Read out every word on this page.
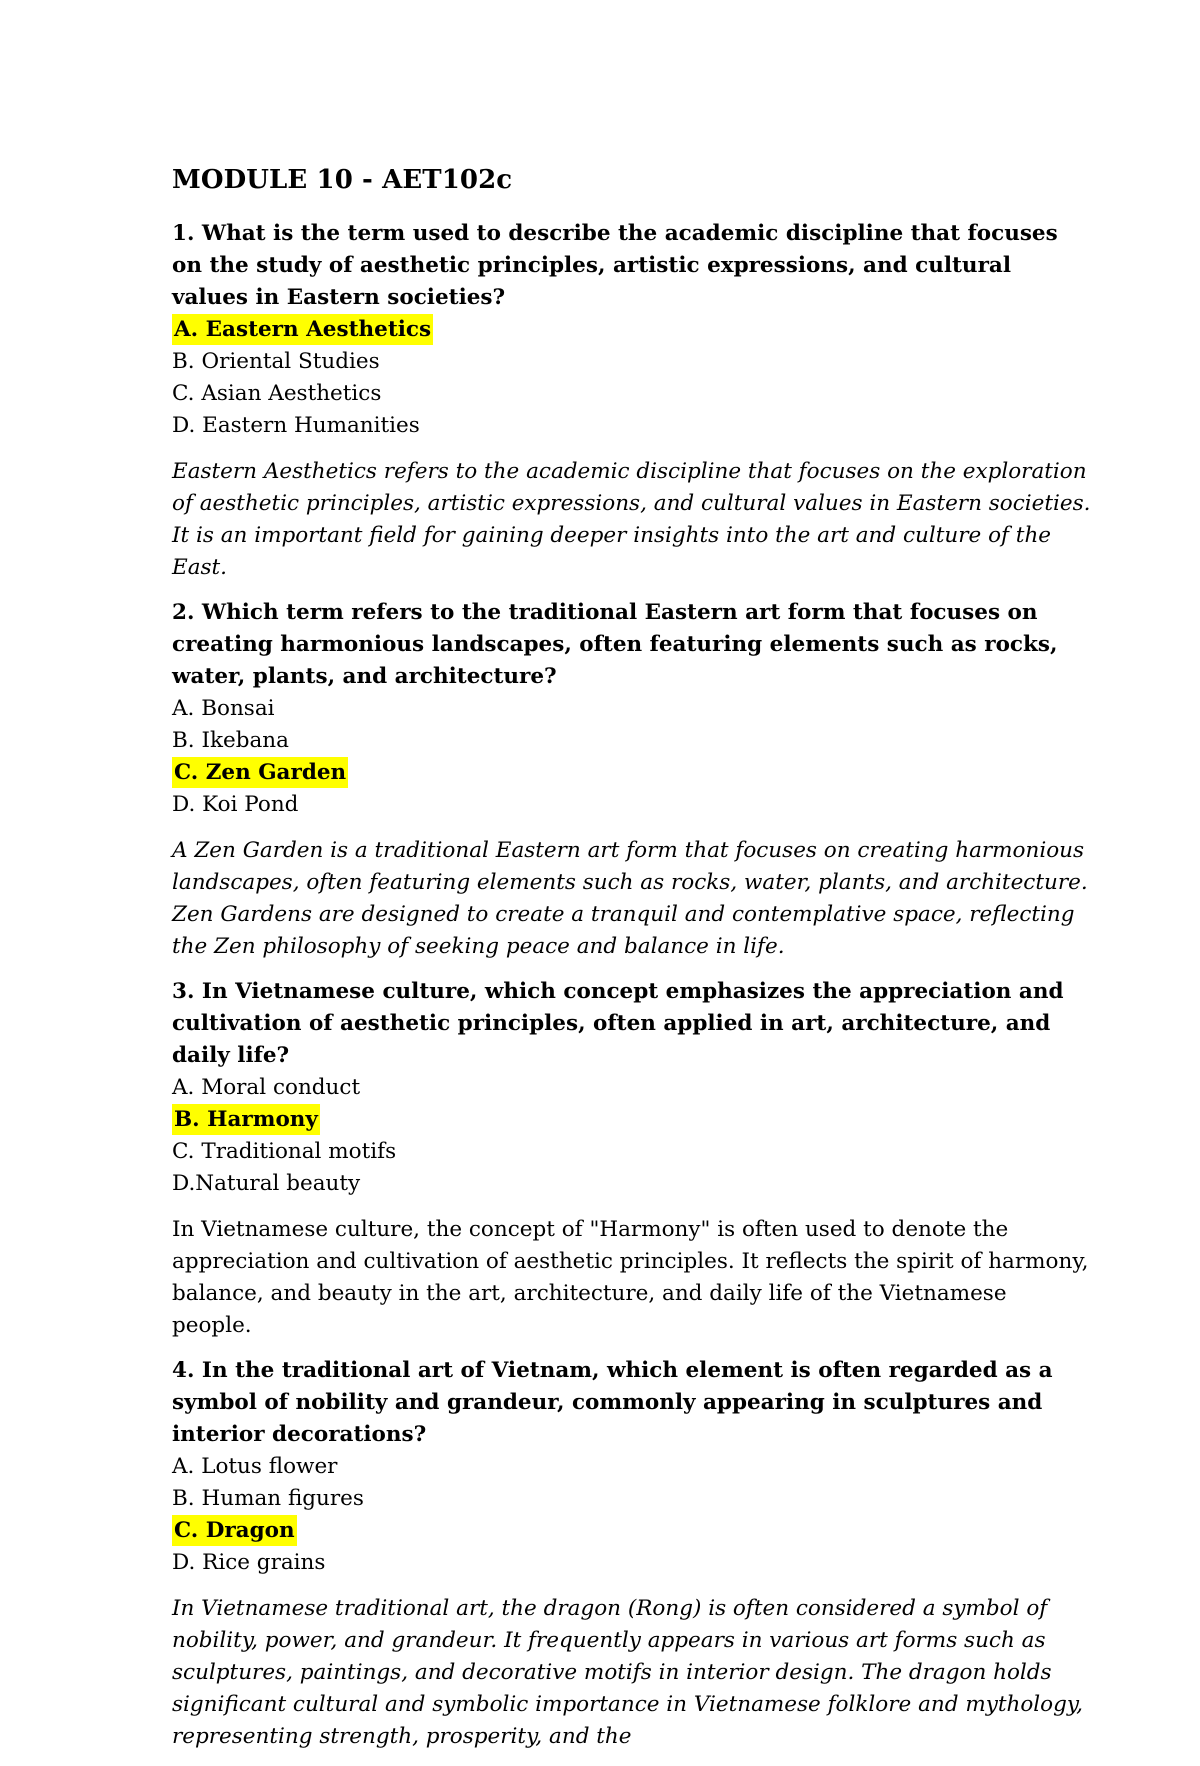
MODULE 10 - AET102c

1. What is the term used to describe the academic discipline that focuses on the study of aesthetic principles, artistic expressions, and cultural values in Eastern societies?

A. Eastern Aesthetics

B. Oriental Studies

C. Asian Aesthetics

D. Eastern Humanities

Eastern Aesthetics refers to the academic discipline that focuses on the exploration of aesthetic principles, artistic expressions, and cultural values in Eastern societies. It is an important field for gaining deeper insights into the art and culture of the East.

2. Which term refers to the traditional Eastern art form that focuses on creating harmonious landscapes, often featuring elements such as rocks, water, plants, and architecture?

A. Bonsai

B. Ikebana

C. Zen Garden

D. Koi Pond

A Zen Garden is a traditional Eastern art form that focuses on creating harmonious landscapes, often featuring elements such as rocks, water, plants, and architecture. Zen Gardens are designed to create a tranquil and contemplative space, reflecting the Zen philosophy of seeking peace and balance in life.

3. In Vietnamese culture, which concept emphasizes the appreciation and cultivation of aesthetic principles, often applied in art, architecture, and daily life?

A. Moral conduct

B. Harmony

C. Traditional motifs

D.Natural beauty

In Vietnamese culture, the concept of "Harmony" is often used to denote the appreciation and cultivation of aesthetic principles. It reflects the spirit of harmony, balance, and beauty in the art, architecture, and daily life of the Vietnamese people.

4. In the traditional art of Vietnam, which element is often regarded as a symbol of nobility and grandeur, commonly appearing in sculptures and interior decorations?

A. Lotus flower

B. Human figures

C. Dragon

D. Rice grains

In Vietnamese traditional art, the dragon (Rong) is often considered a symbol of nobility, power, and grandeur. It frequently appears in various art forms such as sculptures, paintings, and decorative motifs in interior design. The dragon holds significant cultural and symbolic importance in Vietnamese folklore and mythology, representing strength, prosperity, and the
